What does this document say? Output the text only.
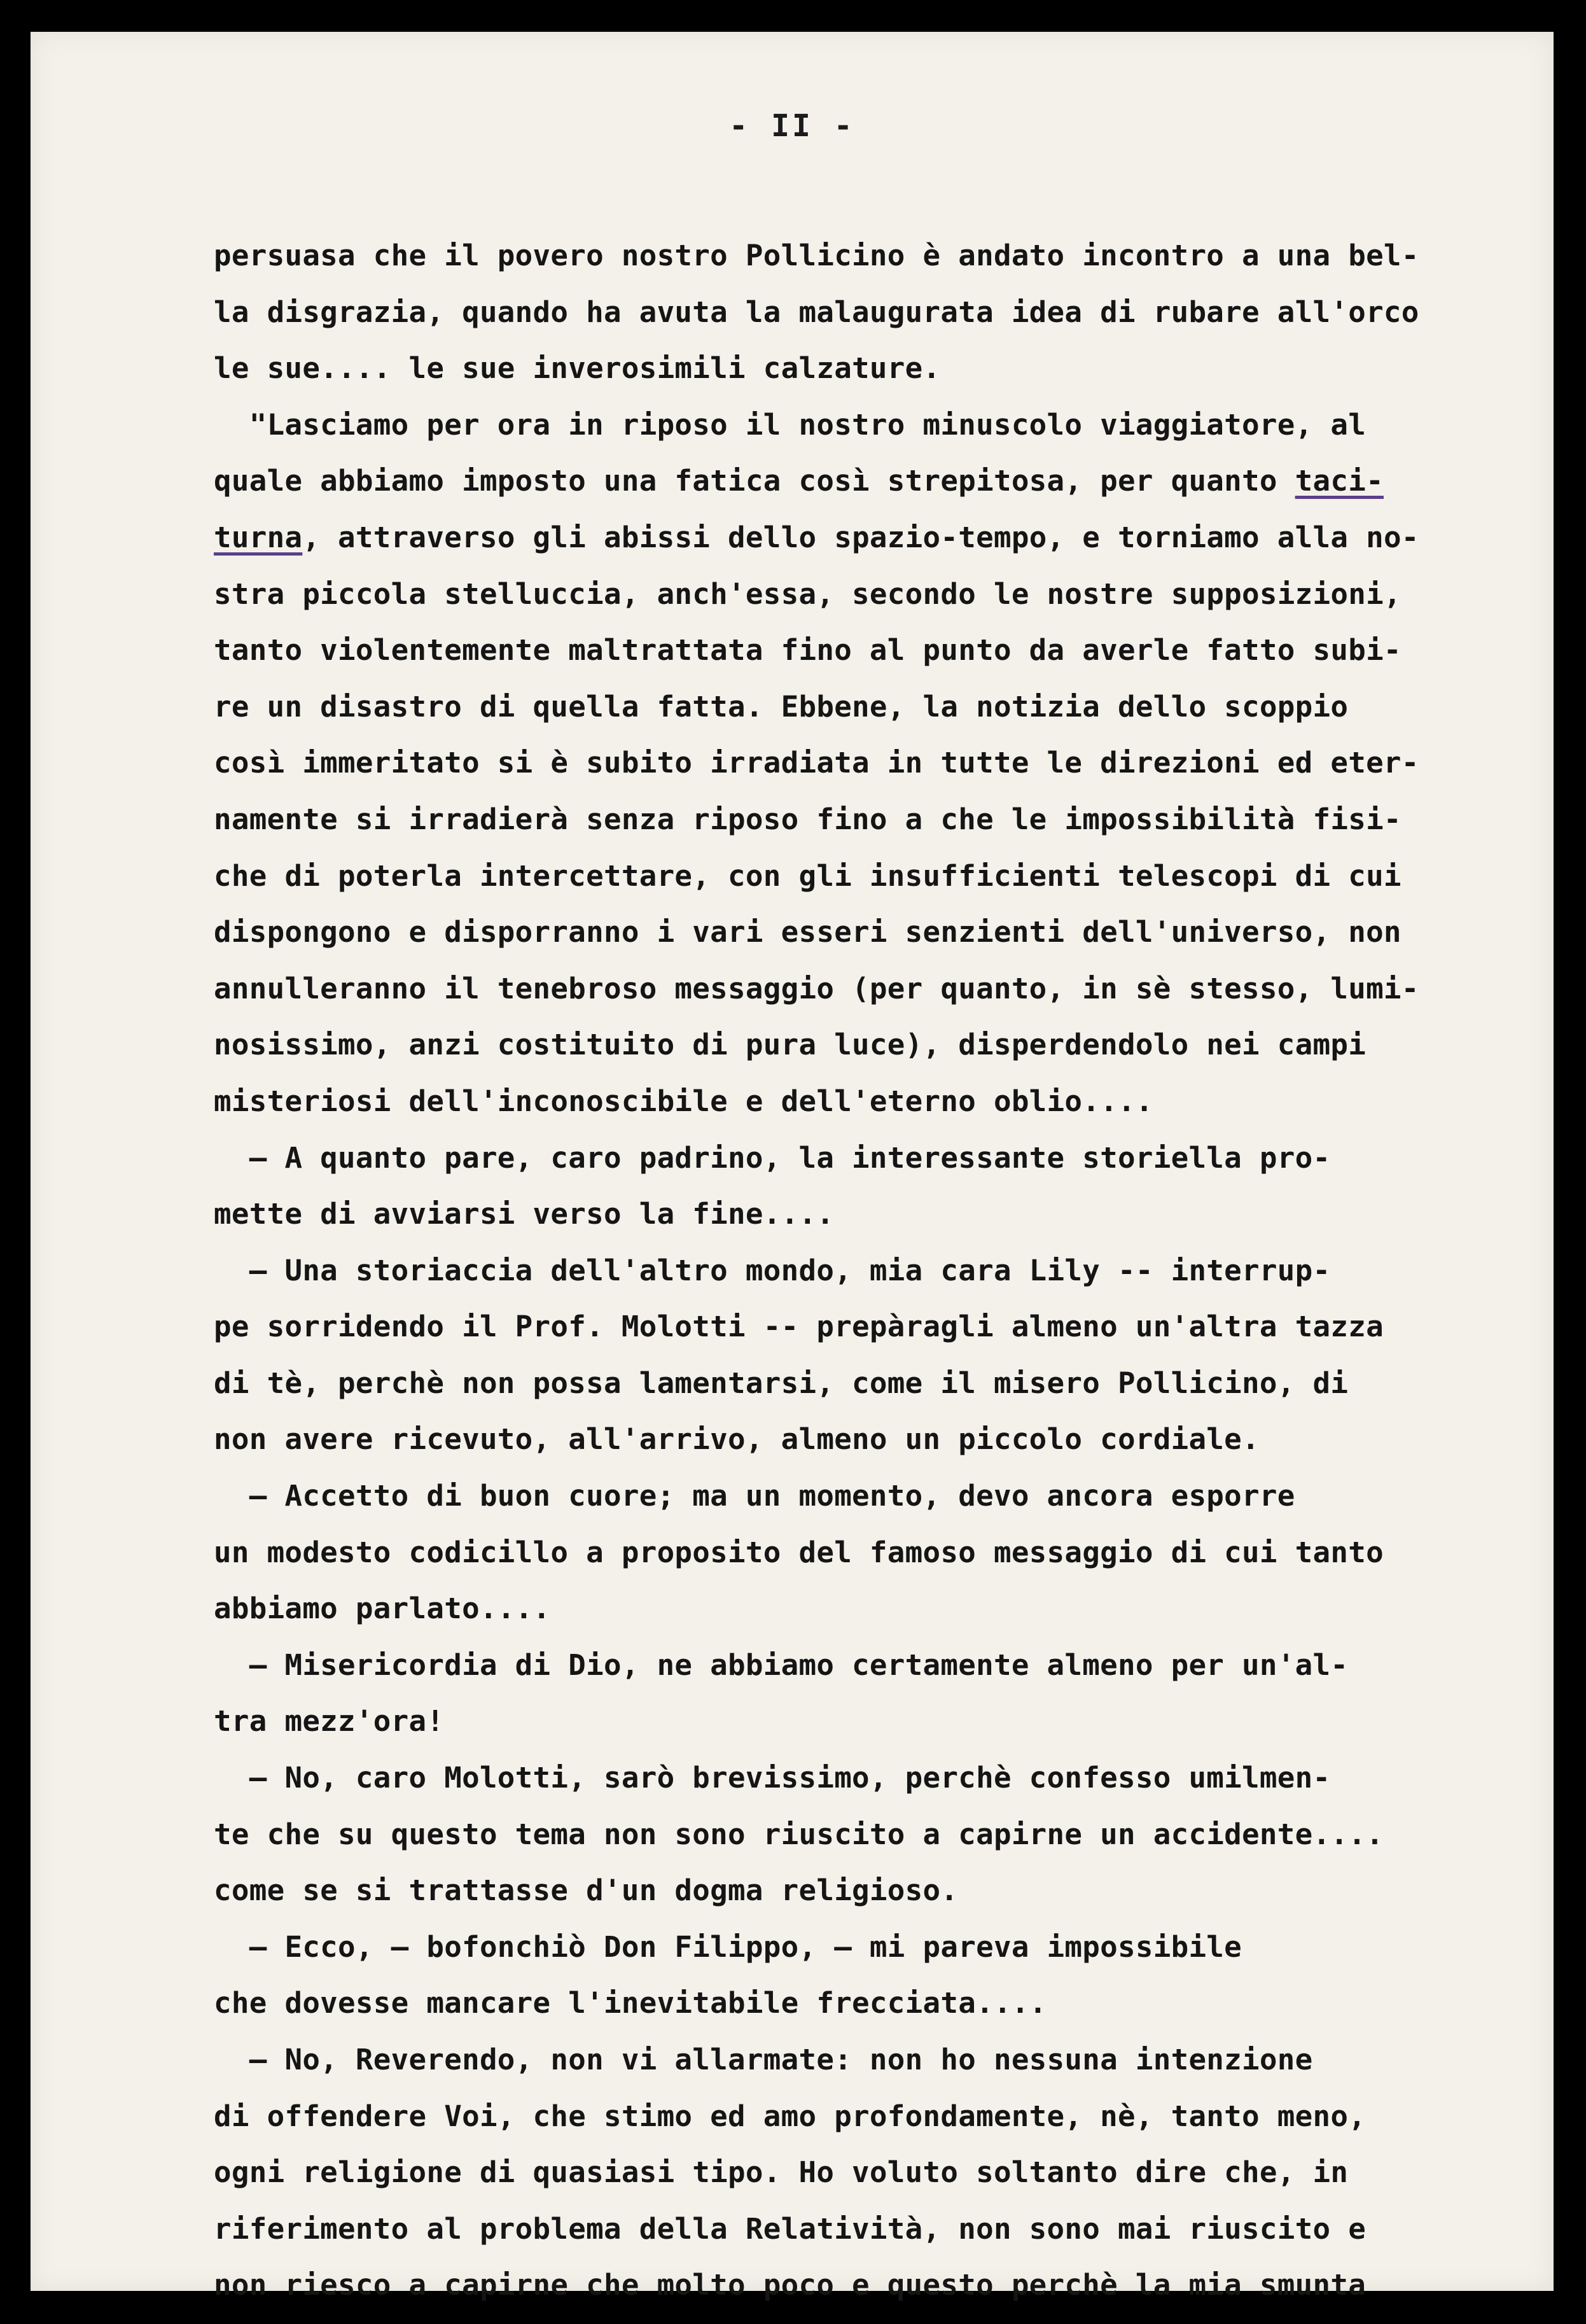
- II -
persuasa che il povero nostro Pollicino è andato incontro a una bel-
la disgrazia, quando ha avuta la malaugurata idea di rubare all'orco
le sue.... le sue inverosimili calzature.
"Lasciamo per ora in riposo il nostro minuscolo viaggiatore, al
quale abbiamo imposto una fatica così strepitosa, per quanto taci-
turna, attraverso gli abissi dello spazio-tempo, e torniamo alla no-
stra piccola stelluccia, anch'essa, secondo le nostre supposizioni,
tanto violentemente maltrattata fino al punto da averle fatto subi-
re un disastro di quella fatta. Ebbene, la notizia dello scoppio
così immeritato si è subito irradiata in tutte le direzioni ed eter-
namente si irradierà senza riposo fino a che le impossibilità fisi-
che di poterla intercettare, con gli insufficienti telescopi di cui
dispongono e disporranno i vari esseri senzienti dell'universo, non
annulleranno il tenebroso messaggio (per quanto, in sè stesso, lumi-
nosissimo, anzi costituito di pura luce), disperdendolo nei campi
misteriosi dell'inconoscibile e dell'eterno oblio....
— A quanto pare, caro padrino, la interessante storiella pro-
mette di avviarsi verso la fine....
— Una storiaccia dell'altro mondo, mia cara Lily -- interrup-
pe sorridendo il Prof. Molotti -- prepàragli almeno un'altra tazza
di tè, perchè non possa lamentarsi, come il misero Pollicino, di
non avere ricevuto, all'arrivo, almeno un piccolo cordiale.
— Accetto di buon cuore; ma un momento, devo ancora esporre
un modesto codicillo a proposito del famoso messaggio di cui tanto
abbiamo parlato....
— Misericordia di Dio, ne abbiamo certamente almeno per un'al-
tra mezz'ora!
— No, caro Molotti, sarò brevissimo, perchè confesso umilmen-
te che su questo tema non sono riuscito a capirne un accidente....
come se si trattasse d'un dogma religioso.
— Ecco, — bofonchiò Don Filippo, — mi pareva impossibile
che dovesse mancare l'inevitabile frecciata....
— No, Reverendo, non vi allarmate: non ho nessuna intenzione
di offendere Voi, che stimo ed amo profondamente, nè, tanto meno,
ogni religione di quasiasi tipo. Ho voluto soltanto dire che, in
riferimento al problema della Relatività, non sono mai riuscito e
non riesco a capirne che molto poco e questo perchè la mia smunta
